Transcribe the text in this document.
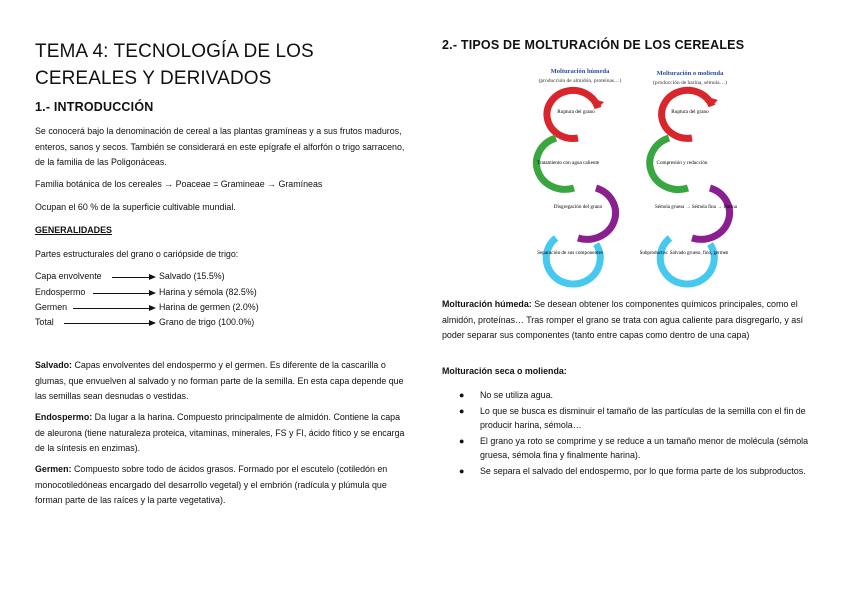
TEMA 4: TECNOLOGÍA DE LOS CEREALES Y DERIVADOS
1.- INTRODUCCIÓN

Se conocerá bajo la denominación de cereal a las plantas gramíneas y a sus frutos maduros, enteros, sanos y secos. También se considerará en este epígrafe el alforfón o trigo sarraceno, de la familia de las Poligonáceas.

Familia botánica de los cereales → Poaceae = Gramineae → Gramíneas

Ocupan el 60 % de la superficie cultivable mundial.

GENERALIDADES

Partes estructurales del grano o cariópside de trigo:

Capa envolvente	Salvado (15.5%)
Endospermo	Harina y sémola (82.5%)
Germen	Harina de germen (2.0%)
Total	Grano de trigo (100.0%)

Salvado: Capas envolventes del endospermo y el germen. Es diferente de la cascarilla o glumas, que envuelven al salvado y no forman parte de la semilla. En esta capa depende que las semillas sean desnudas o vestidas.

Endospermo: Da lugar a la harina. Compuesto principalmente de almidón. Contiene la capa de aleurona (tiene naturaleza proteica, vitaminas, minerales, FS y FI, ácido fítico y se encarga de la síntesis en enzimas).

Germen: Compuesto sobre todo de ácidos grasos. Formado por el escutelo (cotiledón en monocotiledóneas encargado del desarrollo vegetal) y el embrión (radícula y plúmula que forman parte de las raíces y la parte vegetativa).

2.- TIPOS DE MOLTURACIÓN DE LOS CEREALES
Molturación húmeda
(producción de almidón, proteínas…)
Molturación o molienda
(producción de harina, sémola…)
Ruptura del grano
Tratamiento con agua caliente
Disgregación del grano
Separación de sus componentes
Ruptura del grano
Compresión y reducción
Sémola gruesa → Sémola fina → Harina
Subproductos: Salvado grueso, fino, germen

Molturación húmeda: Se desean obtener los componentes químicos principales, como el almidón, proteínas… Tras romper el grano se trata con agua caliente para disgregarlo, y así poder separar sus componentes (tanto entre capas como dentro de una capa)

Molturación seca o molienda:

● No se utiliza agua.
● Lo que se busca es disminuir el tamaño de las partículas de la semilla con el fin de producir harina, sémola…
● El grano ya roto se comprime y se reduce a un tamaño menor de molécula (sémola gruesa, sémola fina y finalmente harina).
● Se separa el salvado del endospermo, por lo que forma parte de los subproductos.
